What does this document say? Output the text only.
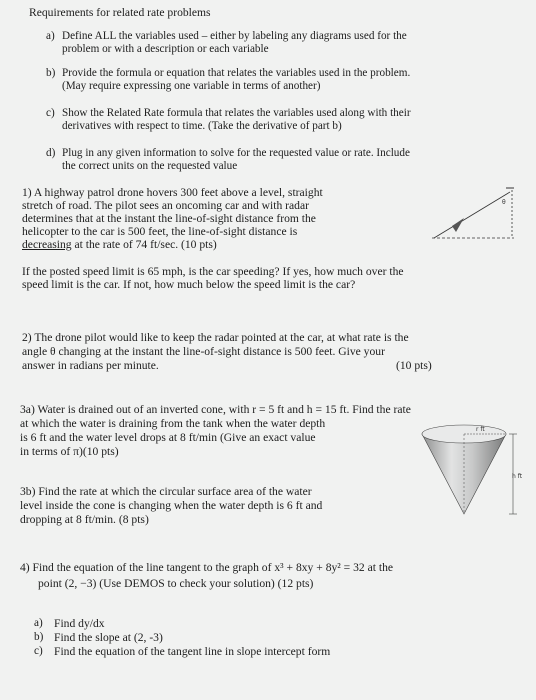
Requirements for related rate problems
a) Define ALL the variables used – either by labeling any diagrams used for the
problem or with a description or each variable
b) Provide the formula or equation that relates the variables used in the problem.
(May require expressing one variable in terms of another)
c) Show the Related Rate formula that relates the variables used along with their
derivatives with respect to time. (Take the derivative of part b)
d) Plug in any given information to solve for the requested value or rate. Include
the correct units on the requested value
1) A highway patrol drone hovers 300 feet above a level, straight
stretch of road. The pilot sees an oncoming car and with radar
determines that at the instant the line-of-sight distance from the
helicopter to the car is 500 feet, the line-of-sight distance is
decreasing at the rate of 74 ft/sec. (10 pts)
θ
If the posted speed limit is 65 mph, is the car speeding? If yes, how much over the
speed limit is the car. If not, how much below the speed limit is the car?
2) The drone pilot would like to keep the radar pointed at the car, at what rate is the
angle θ changing at the instant the line-of-sight distance is 500 feet. Give your
answer in radians per minute.	(10 pts)
3a) Water is drained out of an inverted cone, with r = 5 ft and h = 15 ft. Find the rate
at which the water is draining from the tank when the water depth
is 6 ft and the water level drops at 8 ft/min (Give an exact value
in terms of π)(10 pts)
r ft
h ft
3b) Find the rate at which the circular surface area of the water
level inside the cone is changing when the water depth is 6 ft and
dropping at 8 ft/min. (8 pts)
4) Find the equation of the line tangent to the graph of x³ + 8xy + 8y² = 32 at the
point (2, −3) (Use DEMOS to check your solution) (12 pts)
a) Find dy/dx
b) Find the slope at (2, -3)
c) Find the equation of the tangent line in slope intercept form
